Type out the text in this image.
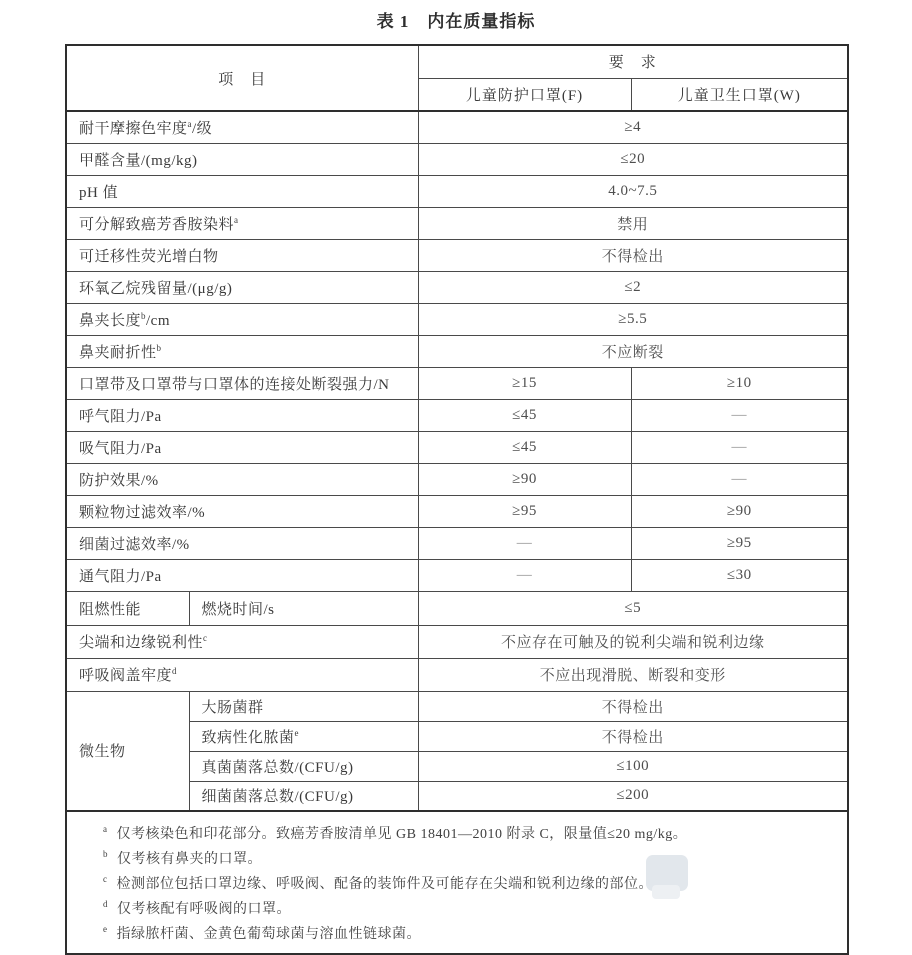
表 1　内在质量指标
项　目		要　求	
		儿童防护口罩(F)	儿童卫生口罩(W)
耐干摩擦色牢度$^a$/级		≥4	
甲醛含量/(mg/kg)		≤20	
pH 值		4.0~7.5	
可分解致癌芳香胺染料$^a$		禁用	
可迁移性荧光增白物		不得检出	
环氧乙烷残留量/(μg/g)		≤2	
鼻夹长度$^b$/cm		≥5.5	
鼻夹耐折性$^b$		不应断裂	
口罩带及口罩带与口罩体的连接处断裂强力/N		≥15	≥10
呼气阻力/Pa		≤45	—
吸气阻力/Pa		≤45	—
防护效果/%		≥90	—
颗粒物过滤效率/%		≥95	≥90
细菌过滤效率/%		—	≥95
通气阻力/Pa		—	≤30
阻燃性能	燃烧时间/s	≤5	
尖端和边缘锐利性$^c$		不应存在可触及的锐利尖端和锐利边缘	
呼吸阀盖牢度$^d$		不应出现滑脱、断裂和变形	
微生物	大肠菌群	不得检出	
	致病性化脓菌$^e$	不得检出	
	真菌菌落总数/(CFU/g)	≤100	
	细菌菌落总数/(CFU/g)	≤200	

$^a$ 仅考核染色和印花部分。致癌芳香胺清单见 GB 18401—2010 附录 C，限量值≤20 mg/kg。
$^b$ 仅考核有鼻夹的口罩。
$^c$ 检测部位包括口罩边缘、呼吸阀、配备的装饰件及可能存在尖端和锐利边缘的部位。
$^d$ 仅考核配有呼吸阀的口罩。
$^e$ 指绿脓杆菌、金黄色葡萄球菌与溶血性链球菌。			
